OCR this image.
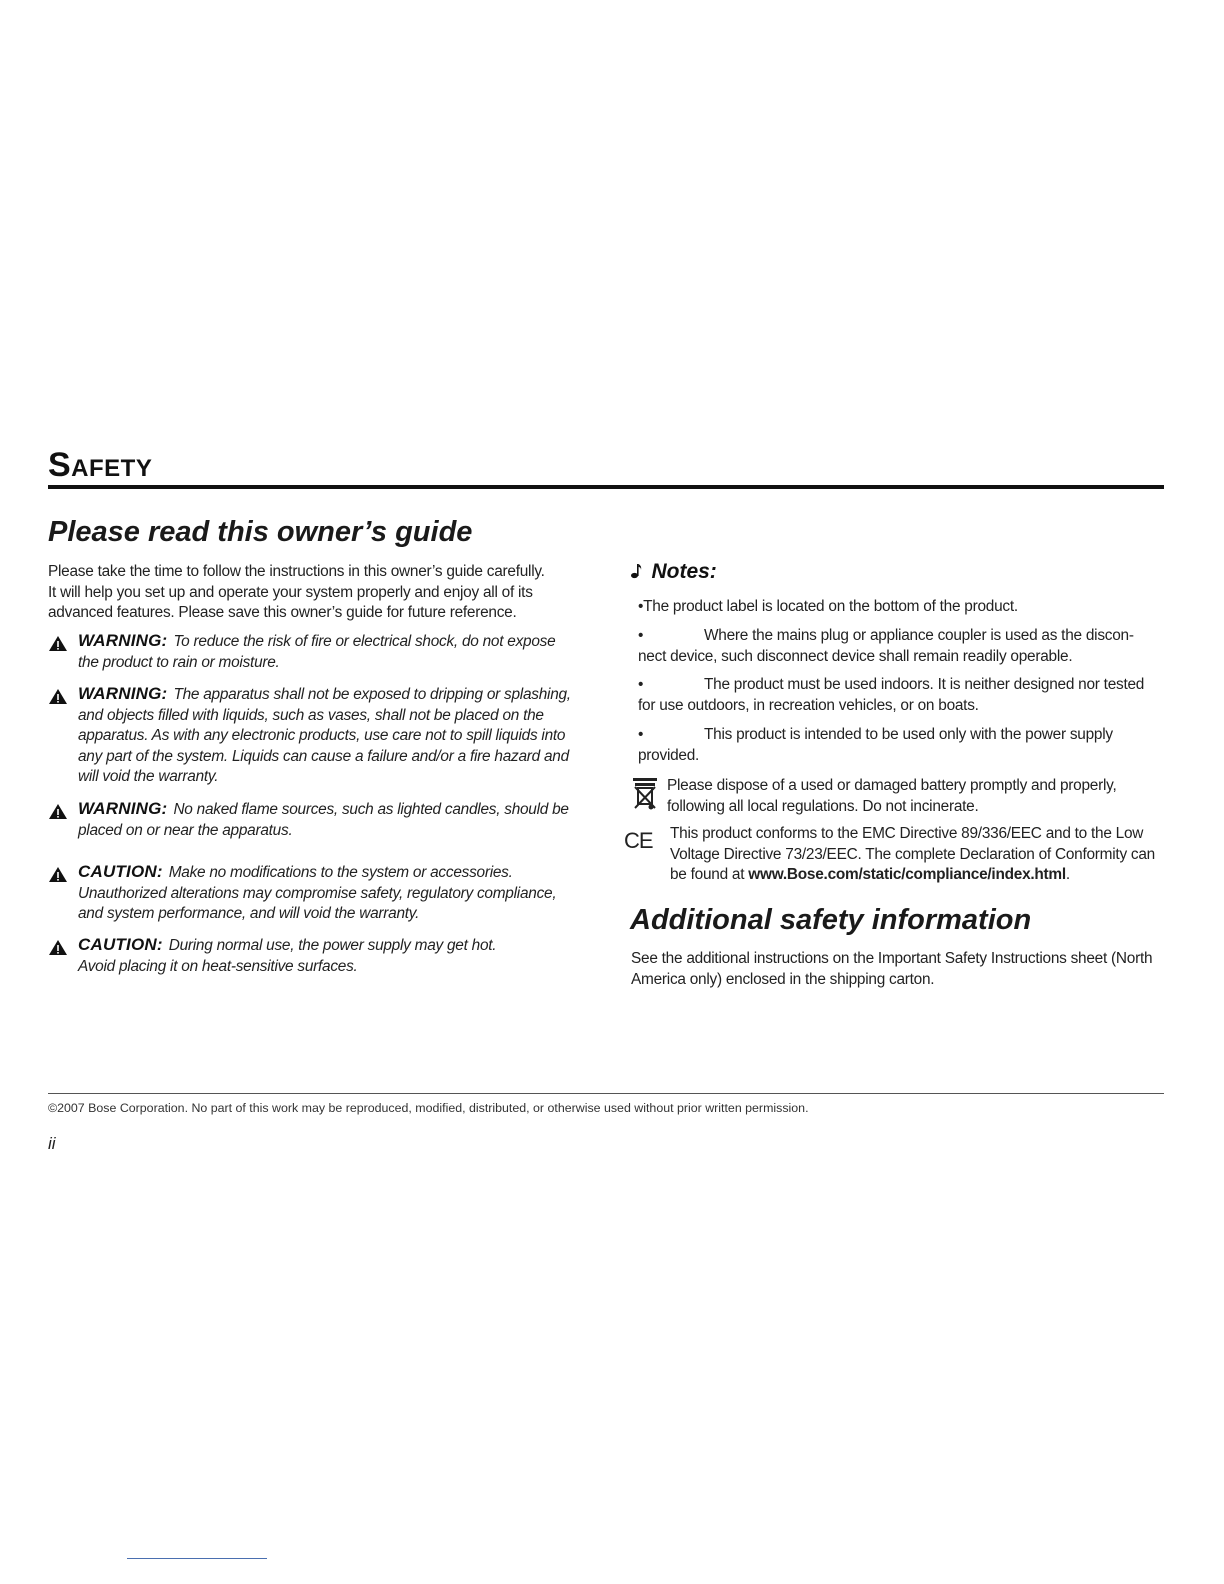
Safety
Please read this owner’s guide
Please take the time to follow the instructions in this owner’s guide carefully.
It will help you set up and operate your system properly and enjoy all of its
advanced features. Please save this owner’s guide for future reference.
WARNING: To reduce the risk of fire or electrical shock, do not expose
the product to rain or moisture.
WARNING: The apparatus shall not be exposed to dripping or splashing,
and objects filled with liquids, such as vases, shall not be placed on the
apparatus. As with any electronic products, use care not to spill liquids into
any part of the system. Liquids can cause a failure and/or a fire hazard and
will void the warranty.
WARNING: No naked flame sources, such as lighted candles, should be
placed on or near the apparatus.
CAUTION: Make no modifications to the system or accessories.
Unauthorized alterations may compromise safety, regulatory compliance,
and system performance, and will void the warranty.
CAUTION: During normal use, the power supply may get hot.
Avoid placing it on heat-sensitive surfaces.
Notes:
•The product label is located on the bottom of the product.
•	Where the mains plug or appliance coupler is used as the discon-
nect device, such disconnect device shall remain readily operable.
•	The product must be used indoors. It is neither designed nor tested
for use outdoors, in recreation vehicles, or on boats.
•	This product is intended to be used only with the power supply
provided.
Please dispose of a used or damaged battery promptly and properly,
following all local regulations. Do not incinerate.
CE This product conforms to the EMC Directive 89/336/EEC and to the Low
Voltage Directive 73/23/EEC. The complete Declaration of Conformity can
be found at www.Bose.com/static/compliance/index.html.
Additional safety information
See the additional instructions on the Important Safety Instructions sheet (North
America only) enclosed in the shipping carton.
©2007 Bose Corporation. No part of this work may be reproduced, modified, distributed, or otherwise used without prior written permission.
ii
